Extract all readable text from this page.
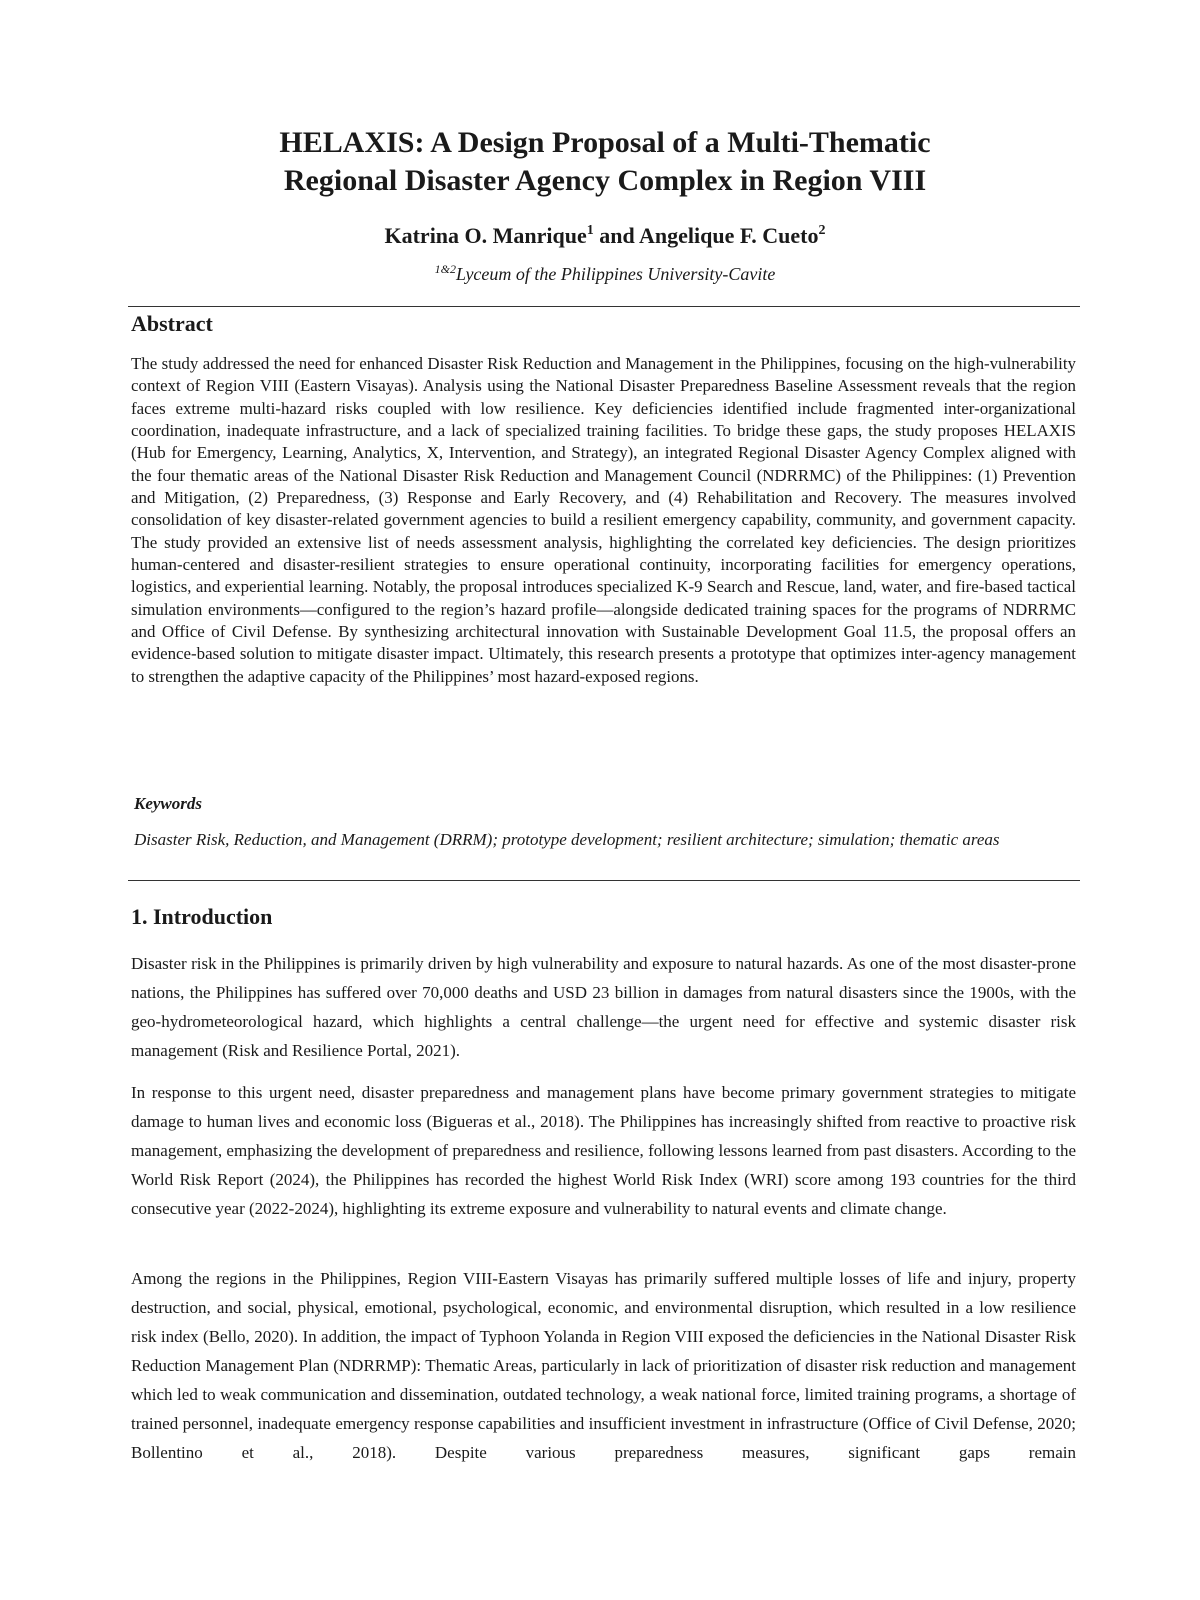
HELAXIS: A Design Proposal of a Multi-Thematic
Regional Disaster Agency Complex in Region VIII
Katrina O. Manrique$^1$ and Angelique F. Cueto$^2$
$^{1\&2}$Lyceum of the Philippines University-Cavite
Abstract

The study addressed the need for enhanced Disaster Risk Reduction and Management in the Philippines, focusing on the high-vulnerability context of Region VIII (Eastern Visayas). Analysis using the National Disaster Preparedness Baseline Assessment reveals that the region faces extreme multi-hazard risks coupled with low resilience. Key deficiencies identified include fragmented inter-organizational coordination, inadequate infrastructure, and a lack of specialized training facilities. To bridge these gaps, the study proposes HELAXIS (Hub for Emergency, Learning, Analytics, X, Intervention, and Strategy), an integrated Regional Disaster Agency Complex aligned with the four thematic areas of the National Disaster Risk Reduction and Management Council (NDRRMC) of the Philippines: (1) Prevention and Mitigation, (2) Preparedness, (3) Response and Early Recovery, and (4) Rehabilitation and Recovery. The measures involved consolidation of key disaster-related government agencies to build a resilient emergency capability, community, and government capacity. The study provided an extensive list of needs assessment analysis, highlighting the correlated key deficiencies. The design prioritizes human-centered and disaster-resilient strategies to ensure operational continuity, incorporating facilities for emergency operations, logistics, and experiential learning. Notably, the proposal introduces specialized K-9 Search and Rescue, land, water, and fire-based tactical simulation environments—configured to the region’s hazard profile—alongside dedicated training spaces for the programs of NDRRMC and Office of Civil Defense. By synthesizing architectural innovation with Sustainable Development Goal 11.5, the proposal offers an evidence-based solution to mitigate disaster impact. Ultimately, this research presents a prototype that optimizes inter-agency management to strengthen the adaptive capacity of the Philippines’ most hazard-exposed regions.

Keywords
Disaster Risk, Reduction, and Management (DRRM); prototype development; resilient architecture; simulation; thematic areas
1. Introduction

Disaster risk in the Philippines is primarily driven by high vulnerability and exposure to natural hazards. As one of the most disaster-prone nations, the Philippines has suffered over 70,000 deaths and USD 23 billion in damages from natural disasters since the 1900s, with the geo-hydrometeorological hazard, which highlights a central challenge—the urgent need for effective and systemic disaster risk management (Risk and Resilience Portal, 2021).

In response to this urgent need, disaster preparedness and management plans have become primary government strategies to mitigate damage to human lives and economic loss (Bigueras et al., 2018). The Philippines has increasingly shifted from reactive to proactive risk management, emphasizing the development of preparedness and resilience, following lessons learned from past disasters. According to the World Risk Report (2024), the Philippines has recorded the highest World Risk Index (WRI) score among 193 countries for the third consecutive year (2022-2024), highlighting its extreme exposure and vulnerability to natural events and climate change.

Among the regions in the Philippines, Region VIII-Eastern Visayas has primarily suffered multiple losses of life and injury, property destruction, and social, physical, emotional, psychological, economic, and environmental disruption, which resulted in a low resilience risk index (Bello, 2020). In addition, the impact of Typhoon Yolanda in Region VIII exposed the deficiencies in the National Disaster Risk Reduction Management Plan (NDRRMP): Thematic Areas, particularly in lack of prioritization of disaster risk reduction and management which led to weak communication and dissemination, outdated technology, a weak national force, limited training programs, a shortage of trained personnel, inadequate emergency response capabilities and insufficient investment in infrastructure (Office of Civil Defense, 2020; Bollentino et al., 2018). Despite various preparedness measures, significant gaps remain
